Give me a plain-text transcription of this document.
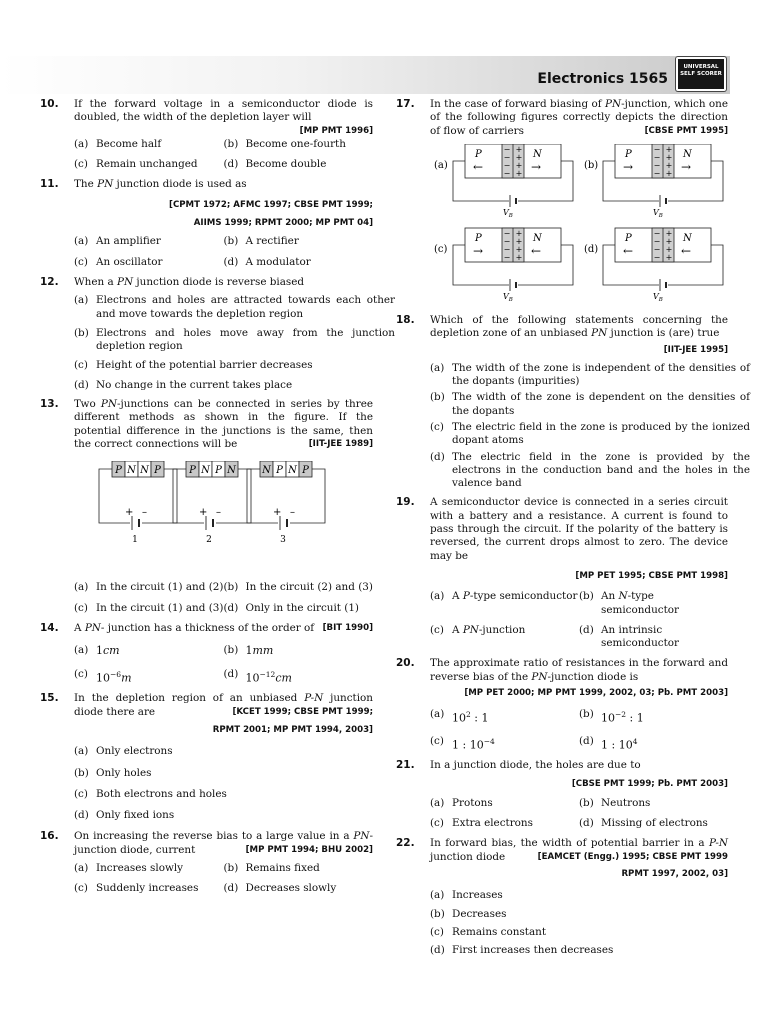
Electronics 1565
UNIVERSAL
SELF SCORER
10. If the forward voltage in a semiconductor diode is doubled, the width of the depletion layer will
[MP PMT 1996]
(a) Become half	(b) Become one-fourth
(c) Remain unchanged	(d) Become double
11. The PN junction diode is used as
[CPMT 1972; AFMC 1997; CBSE PMT 1999;
AIIMS 1999; RPMT 2000; MP PMT 04]
(a) An amplifier	(b) A rectifier
(c) An oscillator	(d) A modulator
12. When a PN junction diode is reverse biased
(a) Electrons and holes are attracted towards each other and move towards the depletion region
(b) Electrons and holes move away from the junction depletion region
(c) Height of the potential barrier decreases
(d) No change in the current takes place
13. Two PN-junctions can be connected in series by three different methods as shown in the figure. If the potential difference in the junctions is the same, then the correct connections will be	[IIT-JEE 1989]
P N N P
+ –
1
P N P N
+ –
2
N P N P
+ –
3
(a) In the circuit (1) and (2) (b) In the circuit (2) and (3)
(c) In the circuit (1) and (3) (d) Only in the circuit (1)
14. A PN- junction has a thickness of the order of [BIT 1990]
(a) 1cm	(b) 1mm
(c) $10^{-6}m$	(d) $10^{-12}cm$
15. In the depletion region of an unbiased P-N junction diode there are	[KCET 1999; CBSE PMT 1999;
RPMT 2001; MP PMT 1994, 2003]
(a) Only electrons
(b) Only holes
(c) Both electrons and holes
(d) Only fixed ions
16. On increasing the reverse bias to a large value in a PN-junction diode, current	[MP PMT 1994; BHU 2002]
(a) Increases slowly	(b) Remains fixed
(c) Suddenly increases	(d) Decreases slowly
17. In the case of forward biasing of PN-junction, which one of the following figures correctly depicts the direction of flow of carriers	[CBSE PMT 1995]
(a)
− +
− +
− +
− +
P	N
←	→
$V_B$
(b)
− +
− +
− +
− +
P	N
→	→
$V_B$
(c)
− +
− +
− +
− +
P	N
→	←
$V_B$
(d)
− +
− +
− +
− +
P	N
←	←
$V_B$
18. Which of the following statements concerning the depletion zone of an unbiased PN junction is (are) true
[IIT-JEE 1995]
(a) The width of the zone is independent of the densities of the dopants (impurities)
(b) The width of the zone is dependent on the densities of the dopants
(c) The electric field in the zone is produced by the ionized dopant atoms
(d) The electric field in the zone is provided by the electrons in the conduction band and the holes in the valence band
19. A semiconductor device is connected in a series circuit with a battery and a resistance. A current is found to pass through the circuit. If the polarity of the battery is reversed, the current drops almost to zero. The device may be
[MP PET 1995; CBSE PMT 1998]
(a) A P-type semiconductor (b) An N-type semiconductor
(c) A PN-junction	(d) An intrinsic semiconductor
20. The approximate ratio of resistances in the forward and reverse bias of the PN-junction diode is
[MP PET 2000; MP PMT 1999, 2002, 03; Pb. PMT 2003]
(a) $10^2$ : 1	(b) $10^{-2}$ : 1
(c) 1 : $10^{-4}$	(d) 1 : $10^4$
21. In a junction diode, the holes are due to
[CBSE PMT 1999; Pb. PMT 2003]
(a) Protons	(b) Neutrons
(c) Extra electrons	(d) Missing of electrons
22. In forward bias, the width of potential barrier in a P-N junction diode	[EAMCET (Engg.) 1995; CBSE PMT 1999
RPMT 1997, 2002, 03]
(a) Increases
(b) Decreases
(c) Remains constant
(d) First increases then decreases
